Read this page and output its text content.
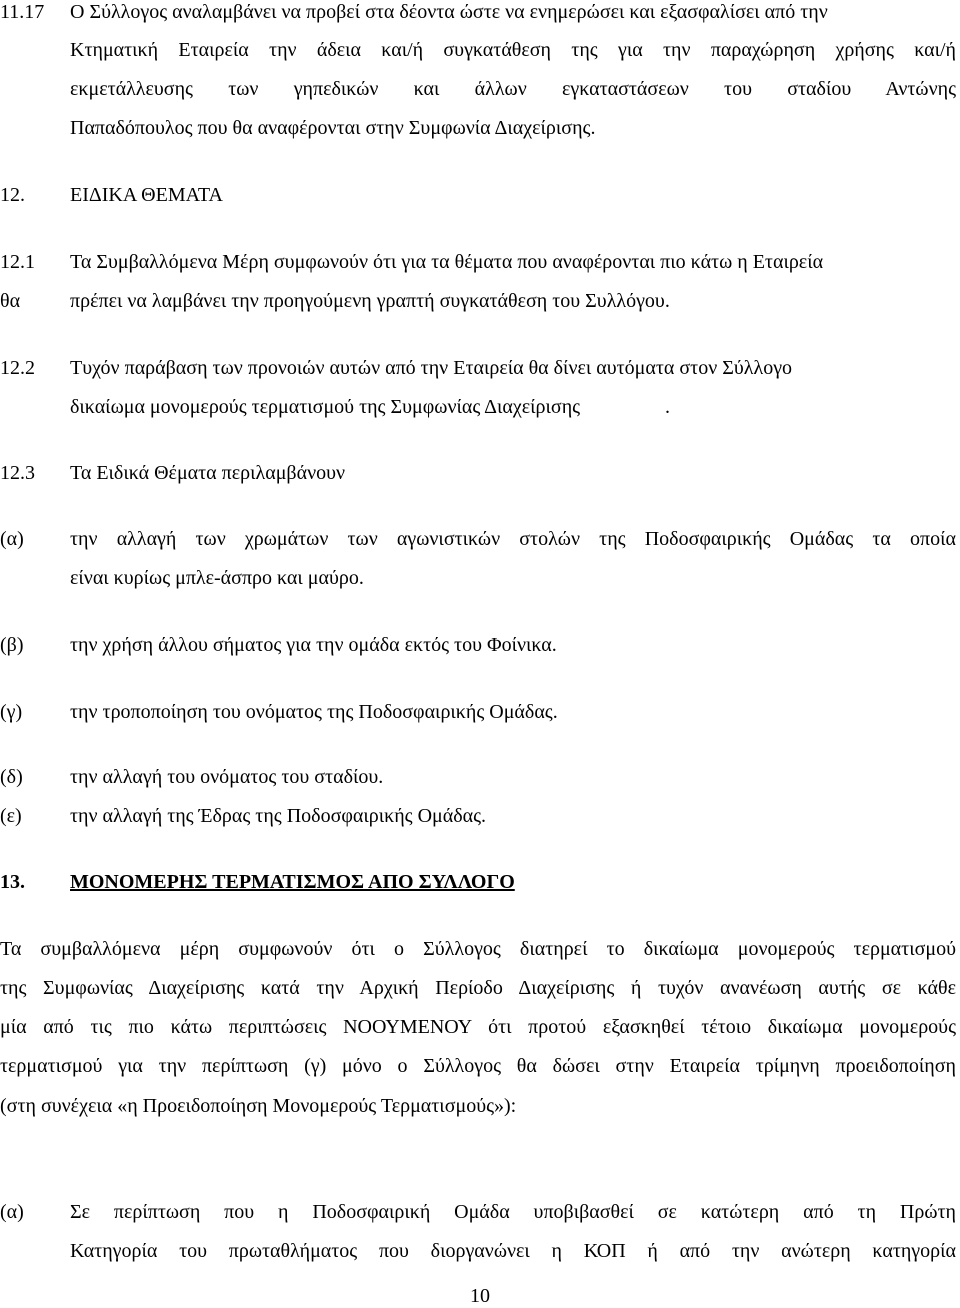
11.17 Ο Σύλλογος αναλαμβάνει να προβεί στα δέοντα ώστε να ενημερώσει και εξασφαλίσει από την
Κτηματική Εταιρεία την άδεια και/ή συγκατάθεση της για την παραχώρηση χρήσης και/ή
εκμετάλλευσης των γηπεδικών και άλλων εγκαταστάσεων του σταδίου Αντώνης
Παπαδόπουλος που θα αναφέρονται στην Συμφωνία Διαχείρισης.
12. ΕΙΔΙΚΑ ΘΕΜΑΤΑ
12.1 Τα Συμβαλλόμενα Μέρη συμφωνούν ότι για τα θέματα που αναφέρονται πιο κάτω η Εταιρεία
θα πρέπει να λαμβάνει την προηγούμενη γραπτή συγκατάθεση του Συλλόγου.
12.2 Τυχόν παράβαση των προνοιών αυτών από την Εταιρεία θα δίνει αυτόματα στον Σύλλογο
δικαίωμα μονομερούς τερματισμού της Συμφωνίας Διαχείρισης	.
12.3 Τα Ειδικά Θέματα περιλαμβάνουν
(α) την αλλαγή των χρωμάτων των αγωνιστικών στολών της Ποδοσφαιρικής Ομάδας τα οποία
είναι κυρίως μπλε-άσπρο και μαύρο.
(β) την χρήση άλλου σήματος για την ομάδα εκτός του Φοίνικα.
(γ) την τροποποίηση του ονόματος της Ποδοσφαιρικής Ομάδας.
(δ) την αλλαγή του ονόματος του σταδίου.
(ε) την αλλαγή της Έδρας της Ποδοσφαιρικής Ομάδας.
13. ΜΟΝΟΜΕΡΗΣ ΤΕΡΜΑΤΙΣΜΟΣ ΑΠΟ ΣΥΛΛΟΓΟ
Τα συμβαλλόμενα μέρη συμφωνούν ότι ο Σύλλογος διατηρεί το δικαίωμα μονομερούς τερματισμού
της Συμφωνίας Διαχείρισης κατά την Αρχική Περίοδο Διαχείρισης ή τυχόν ανανέωση αυτής σε κάθε
μία από τις πιο κάτω περιπτώσεις ΝΟΟΥΜΕΝΟΥ ότι προτού εξασκηθεί τέτοιο δικαίωμα μονομερούς
τερματισμού για την περίπτωση (γ) μόνο ο Σύλλογος θα δώσει στην Εταιρεία τρίμηνη προειδοποίηση
(στη συνέχεια «η Προειδοποίηση Μονομερούς Τερματισμούς»):
(α) Σε περίπτωση που η Ποδοσφαιρική Ομάδα υποβιβασθεί σε κατώτερη από τη Πρώτη
Κατηγορία του πρωταθλήματος που διοργανώνει η ΚΟΠ ή από την ανώτερη κατηγορία
10
